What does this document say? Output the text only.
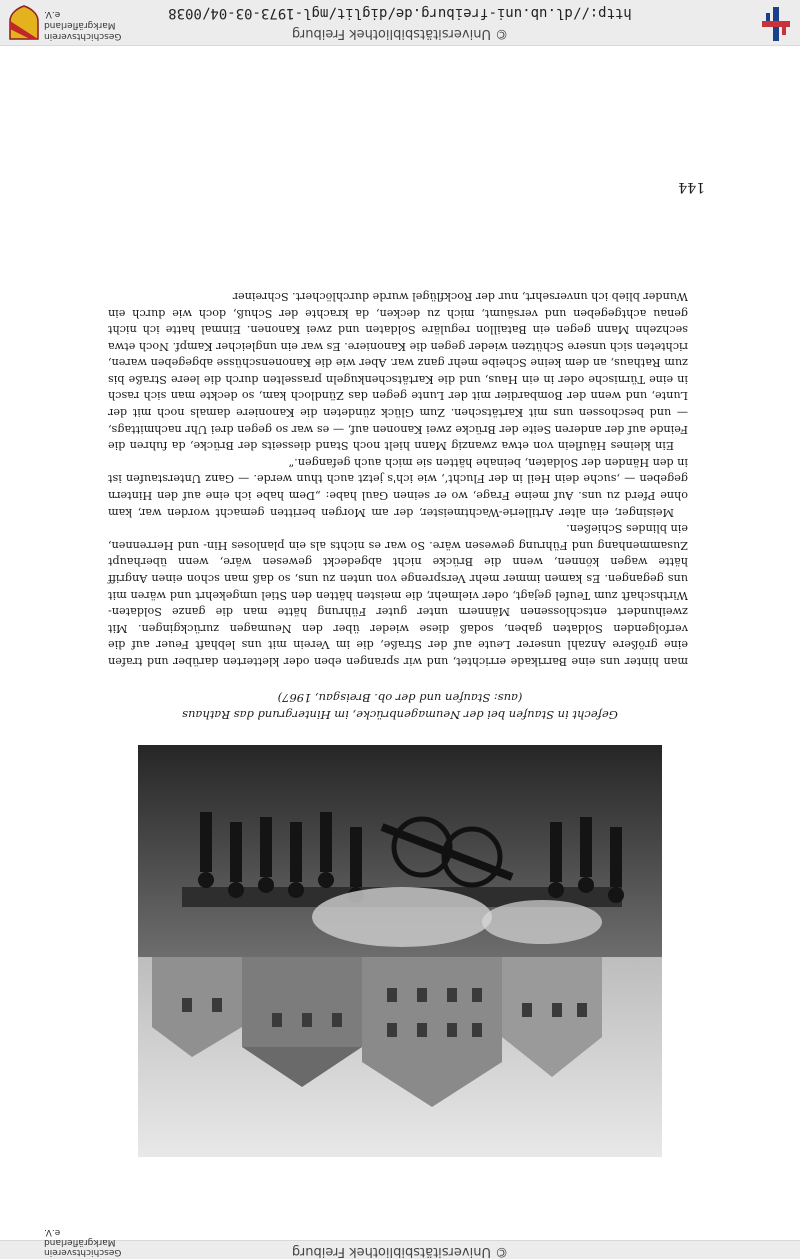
© Universitätsbibliothek Freiburg
Geschichtsverein Markgräflerland e.V.
Gefecht in Staufen bei der Neumagenbrücke, im Hintergrund das Rathaus
(aus: Staufen und der ob. Breisgau, 1967)

man hinter uns eine Barrikade errichtet, und wir sprangen eben oder kletterten darüber und trafen eine größere Anzahl unserer Leute auf der Straße, die im Verein mit uns lebhaft Feuer auf die verfolgenden Soldaten gaben, sodaß diese wieder über den Neumagen zurückgingen. Mit zweihundert entschlossenen Männern unter guter Führung hätte man die ganze Soldaten-Wirthschaft zum Teufel gejagt, oder vielmehr, die meisten hätten den Stiel umgekehrt und wären mit uns gegangen. Es kamen immer mehr Versprenge von unten zu uns, so daß man schon einen Angriff hätte wagen können, wenn die Brücke nicht abgedeckt gewesen wäre, wenn überhaupt Zusammenhang und Führung gewesen wäre. So war es nichts als ein planloses Hin- und Herrennen, ein blindes Schießen.

Meisinger, ein alter Artillerie-Wachtmeister, der am Morgen beritten gemacht worden war, kam ohne Pferd zu uns. Auf meine Frage, wo er seinen Gaul habe: „Dem habe ich eine auf den Hintern gegeben — ,suche dein Heil in der Flucht‘, wie ich's jetzt auch thun werde. — Ganz Unterstaufen ist in den Händen der Soldaten, beinahe hätten sie mich auch gefangen.“

Ein kleines Häuflein von etwa zwanzig Mann hielt noch Stand diesseits der Brücke, da fuhren die Feinde auf der anderen Seite der Brücke zwei Kanonen auf, — es war so gegen drei Uhr nachmittags, — und beschossen uns mit Kartätschen. Zum Glück zündeten die Kanoniere damals noch mit der Lunte, und wenn der Bombardier mit der Lunte gegen das Zündloch kam, so deckte man sich rasch in eine Türnische oder in ein Haus, und die Kartätschenkugeln prasselten durch die leere Straße bis zum Rathaus, an dem keine Scheibe mehr ganz war. Aber wie die Kanonenschüsse abgegeben waren, richteten sich unsere Schützen wieder gegen die Kanoniere. Es war ein ungleicher Kampf. Noch etwa sechzehn Mann gegen ein Bataillon reguläre Soldaten und zwei Kanonen. Einmal hatte ich nicht genau achtgegeben und versäumt, mich zu decken, da krachte der Schuß, doch wie durch ein Wunder blieb ich unversehrt, nur der Rockflügel wurde durchlöchert. Schreiner

144
© Universitätsbibliothek Freiburg
http://dl.ub.uni-freiburg.de/diglit/mgl-1973-03-04/0038
Geschichtsverein Markgräflerland e.V.
